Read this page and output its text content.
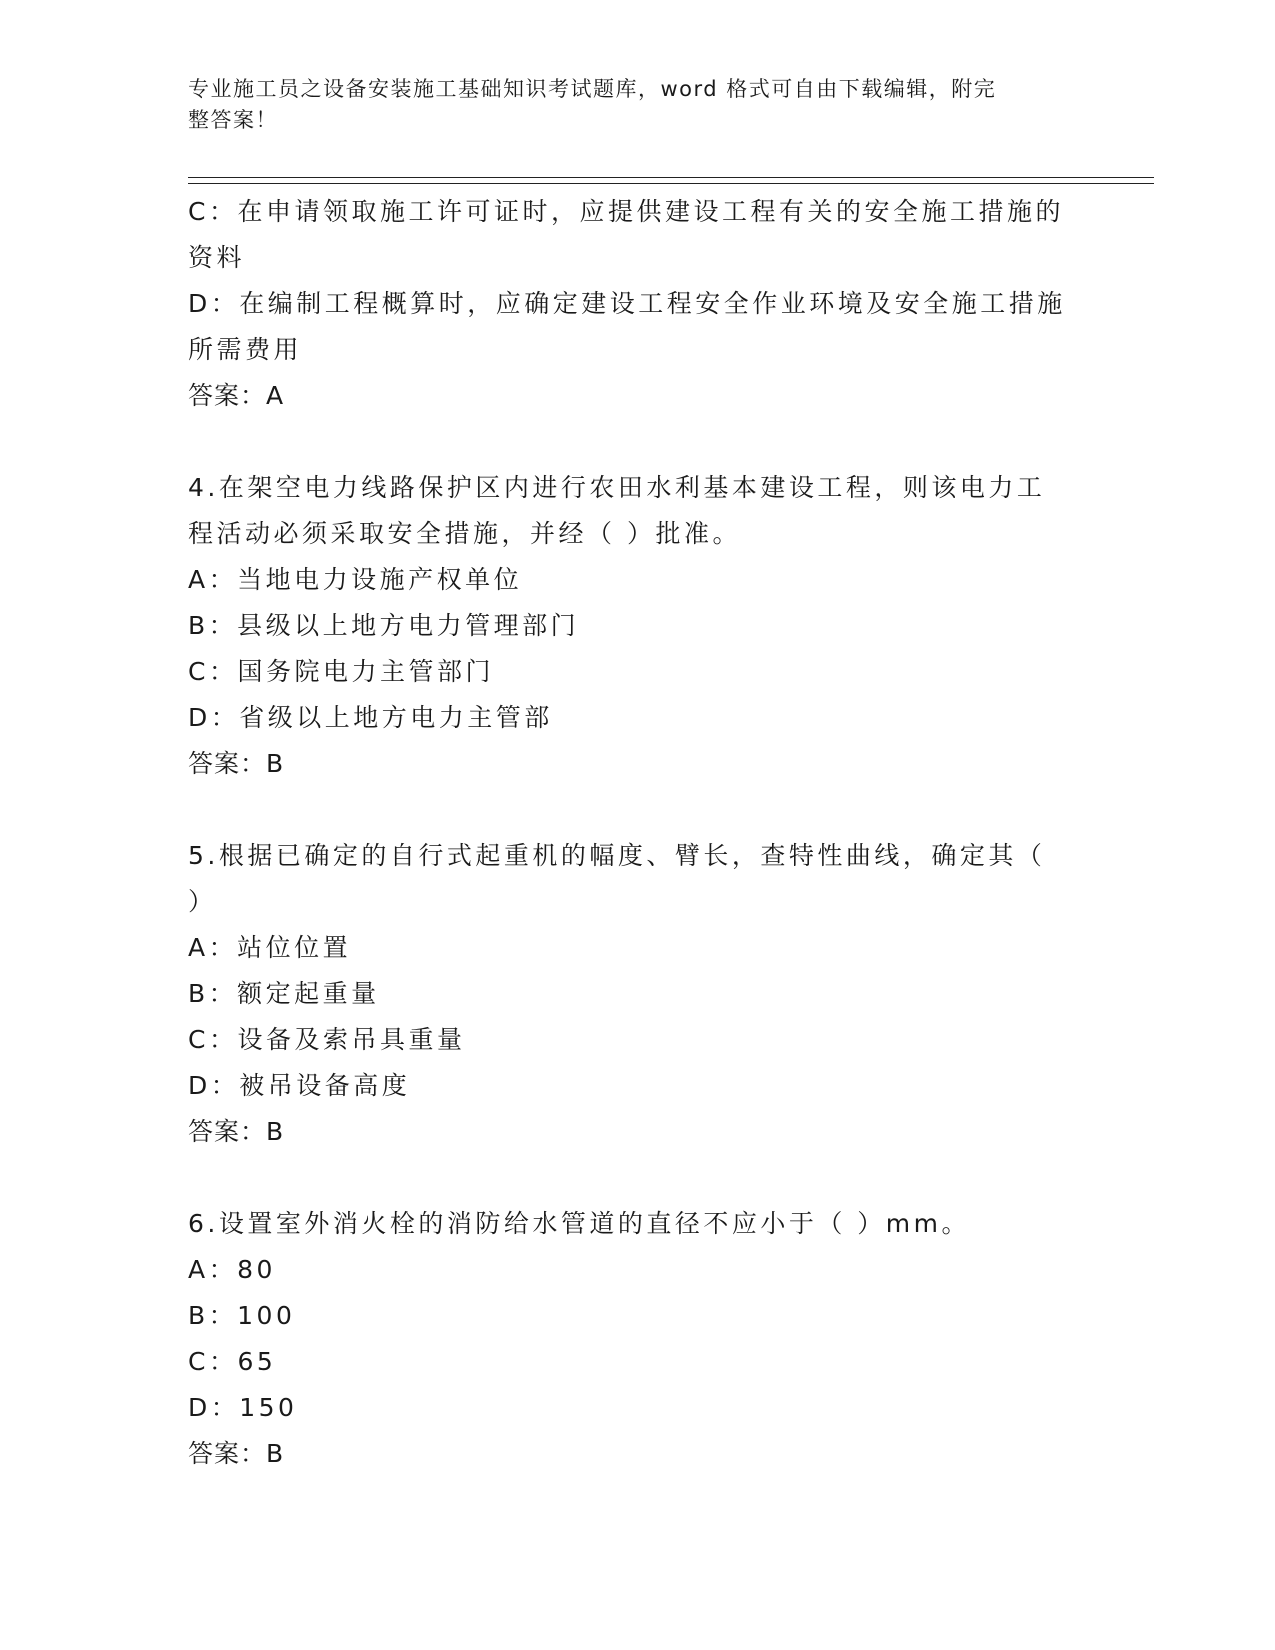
专业施工员之设备安装施工基础知识考试题库，word 格式可自由下载编辑，附完
整答案！
C：在申请领取施工许可证时，应提供建设工程有关的安全施工措施的
资料
D：在编制工程概算时，应确定建设工程安全作业环境及安全施工措施
所需费用
答案：A
4.在架空电力线路保护区内进行农田水利基本建设工程，则该电力工
程活动必须采取安全措施，并经（ ）批准。
A：当地电力设施产权单位
B：县级以上地方电力管理部门
C：国务院电力主管部门
D：省级以上地方电力主管部
答案：B
5.根据已确定的自行式起重机的幅度、臂长，查特性曲线，确定其（
）
A：站位位置
B：额定起重量
C：设备及索吊具重量
D：被吊设备高度
答案：B
6.设置室外消火栓的消防给水管道的直径不应小于（ ）mm。
A：80
B：100
C：65
D：150
答案：B
